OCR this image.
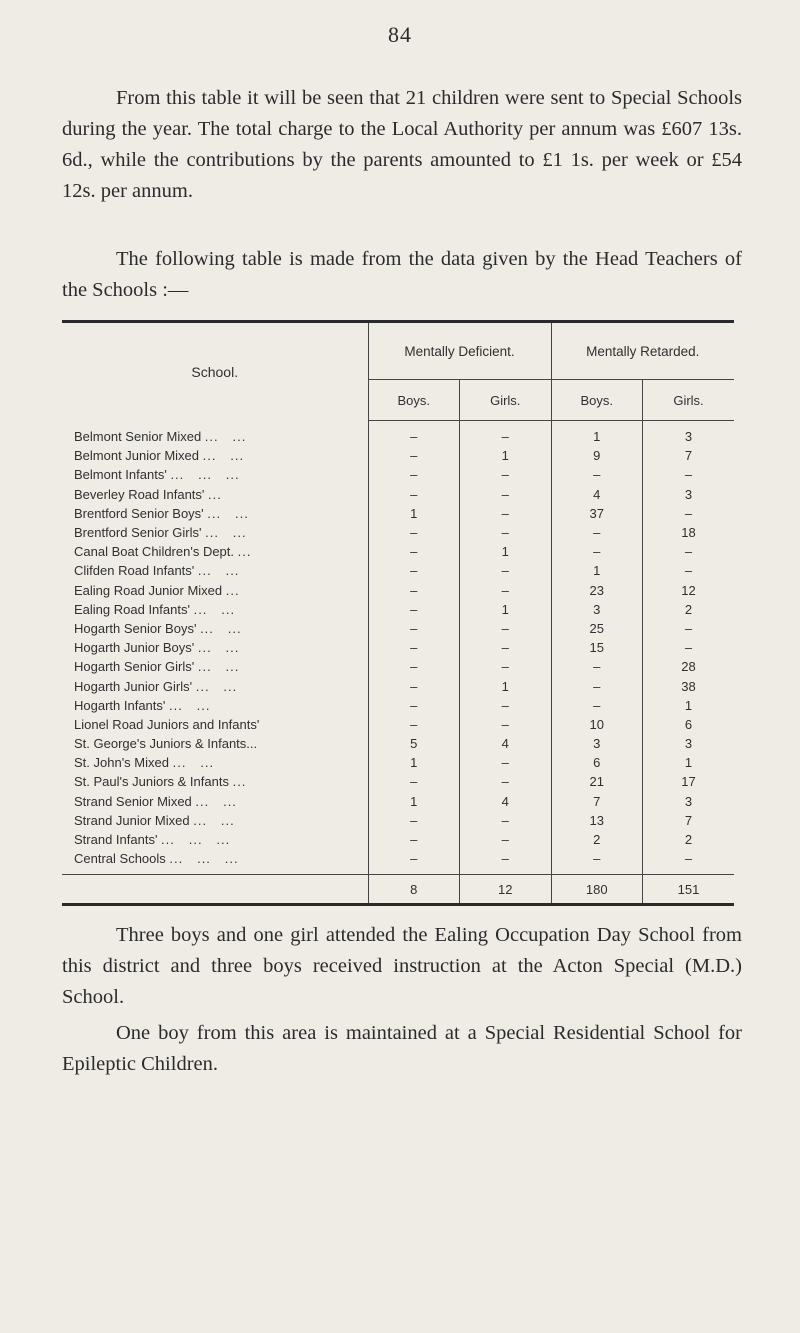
84

From this table it will be seen that 21 children were sent to Special Schools during the year. The total charge to the Local Authority per annum was £607 13s. 6d., while the contributions by the parents amounted to £1 1s. per week or £54 12s. per annum.

The following table is made from the data given by the Head Teachers of the Schools :—

School.	Mentally Deficient.		Mentally Retarded.	
	Boys.	Girls.	Boys.	Girls.
Belmont Senior Mixed ...   ...	–	–	1	3
Belmont Junior Mixed ...   ...	–	1	9	7
Belmont Infants' ...   ...   ...	–	–	–	–
Beverley Road Infants' ...	–	–	4	3
Brentford Senior Boys' ...   ...	1	–	37	–
Brentford Senior Girls' ...   ...	–	–	–	18
Canal Boat Children's Dept. ...	–	1	–	–
Clifden Road Infants' ...   ...	–	–	1	–
Ealing Road Junior Mixed ...	–	–	23	12
Ealing Road Infants' ...   ...	–	1	3	2
Hogarth Senior Boys' ...   ...	–	–	25	–
Hogarth Junior Boys' ...   ...	–	–	15	–
Hogarth Senior Girls' ...   ...	–	–	–	28
Hogarth Junior Girls' ...   ...	–	1	–	38
Hogarth Infants' ...   ...	–	–	–	1
Lionel Road Juniors and Infants'	–	–	10	6
St. George's Juniors & Infants...	5	4	3	3
St. John's Mixed ...   ...	1	–	6	1
St. Paul's Juniors & Infants ...	–	–	21	17
Strand Senior Mixed ...   ...	1	4	7	3
Strand Junior Mixed ...   ...	–	–	13	7
Strand Infants' ...   ...   ...	–	–	2	2
Central Schools ...   ...   ...	–	–	–	–

	8	12	180	151

Three boys and one girl attended the Ealing Occupation Day School from this district and three boys received instruction at the Acton Special (M.D.) School.

One boy from this area is maintained at a Special Residential School for Epileptic Children.
